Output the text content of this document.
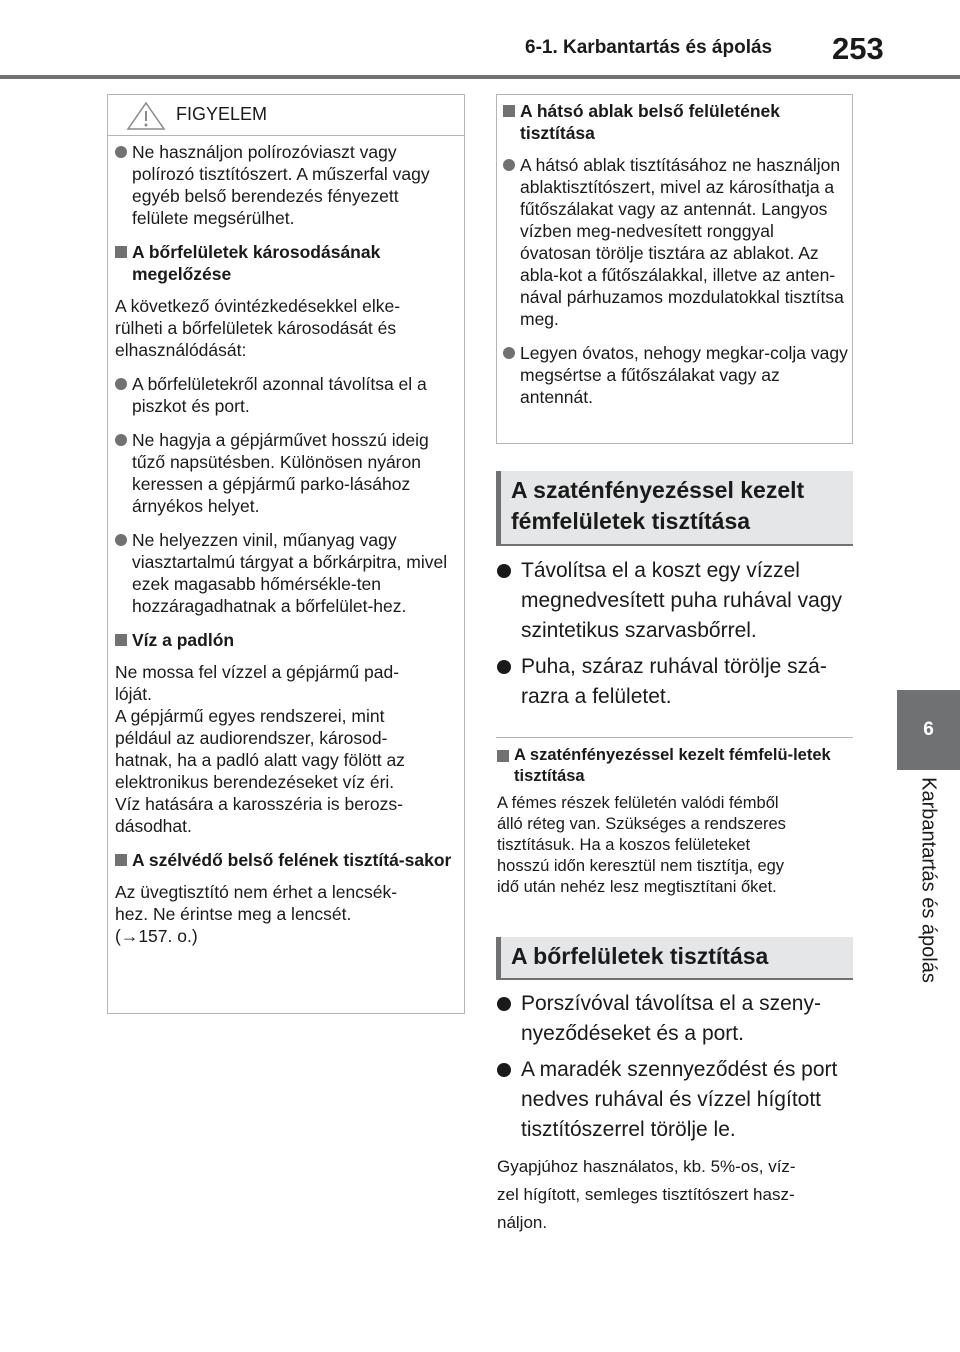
6-1. Karbantartás és ápolás 253
6
Karbantartás és ápolás
FIGYELEM
Ne használjon polírozóviaszt vagy polírozó tisztítószert. A műszerfal vagy egyéb belső berendezés fényezett felülete megsérülhet.
A bőrfelületek károsodásának megelőzése
A következő óvintézkedésekkel elke-
rülheti a bőrfelületek károsodását és
elhasználódását:
A bőrfelületekről azonnal távolítsa el a piszkot és port.
Ne hagyja a gépjárművet hosszú ideig tűző napsütésben. Különösen nyáron keressen a gépjármű parko-lásához árnyékos helyet.
Ne helyezzen vinil, műanyag vagy viasztartalmú tárgyat a bőrkárpitra, mivel ezek magasabb hőmérsékle-ten hozzáragadhatnak a bőrfelület-hez.
Víz a padlón
Ne mossa fel vízzel a gépjármű pad-
lóját.
A gépjármű egyes rendszerei, mint
például az audiorendszer, károsod-
hatnak, ha a padló alatt vagy fölött az
elektronikus berendezéseket víz éri.
Víz hatására a karosszéria is berozs-
dásodhat.
A szélvédő belső felének tisztítá-sakor
Az üvegtisztító nem érhet a lencsék-
hez. Ne érintse meg a lencsét.
(→157. o.)
A hátsó ablak belső felületének tisztítása
A hátsó ablak tisztításához ne használjon ablaktisztítószert, mivel az károsíthatja a fűtőszálakat vagy az antennát. Langyos vízben meg-nedvesített ronggyal óvatosan törölje tisztára az ablakot. Az abla-kot a fűtőszálakkal, illetve az anten-nával párhuzamos mozdulatokkal tisztítsa meg.
Legyen óvatos, nehogy megkar-colja vagy megsértse a fűtőszálakat vagy az antennát.
A szaténfényezéssel kezelt fémfelületek tisztítása
Távolítsa el a koszt egy vízzel megnedvesített puha ruhával vagy szintetikus szarvasbőrrel.
Puha, száraz ruhával törölje szá-razra a felületet.
A szaténfényezéssel kezelt fémfelü-letek tisztítása
A fémes részek felületén valódi fémből
álló réteg van. Szükséges a rendszeres
tisztításuk. Ha a koszos felületeket
hosszú időn keresztül nem tisztítja, egy
idő után nehéz lesz megtisztítani őket.
A bőrfelületek tisztítása
Porszívóval távolítsa el a szeny-nyeződéseket és a port.
A maradék szennyeződést és port nedves ruhával és vízzel hígított tisztítószerrel törölje le.
Gyapjúhoz használatos, kb. 5%-os, víz-
zel hígított, semleges tisztítószert hasz-
náljon.
